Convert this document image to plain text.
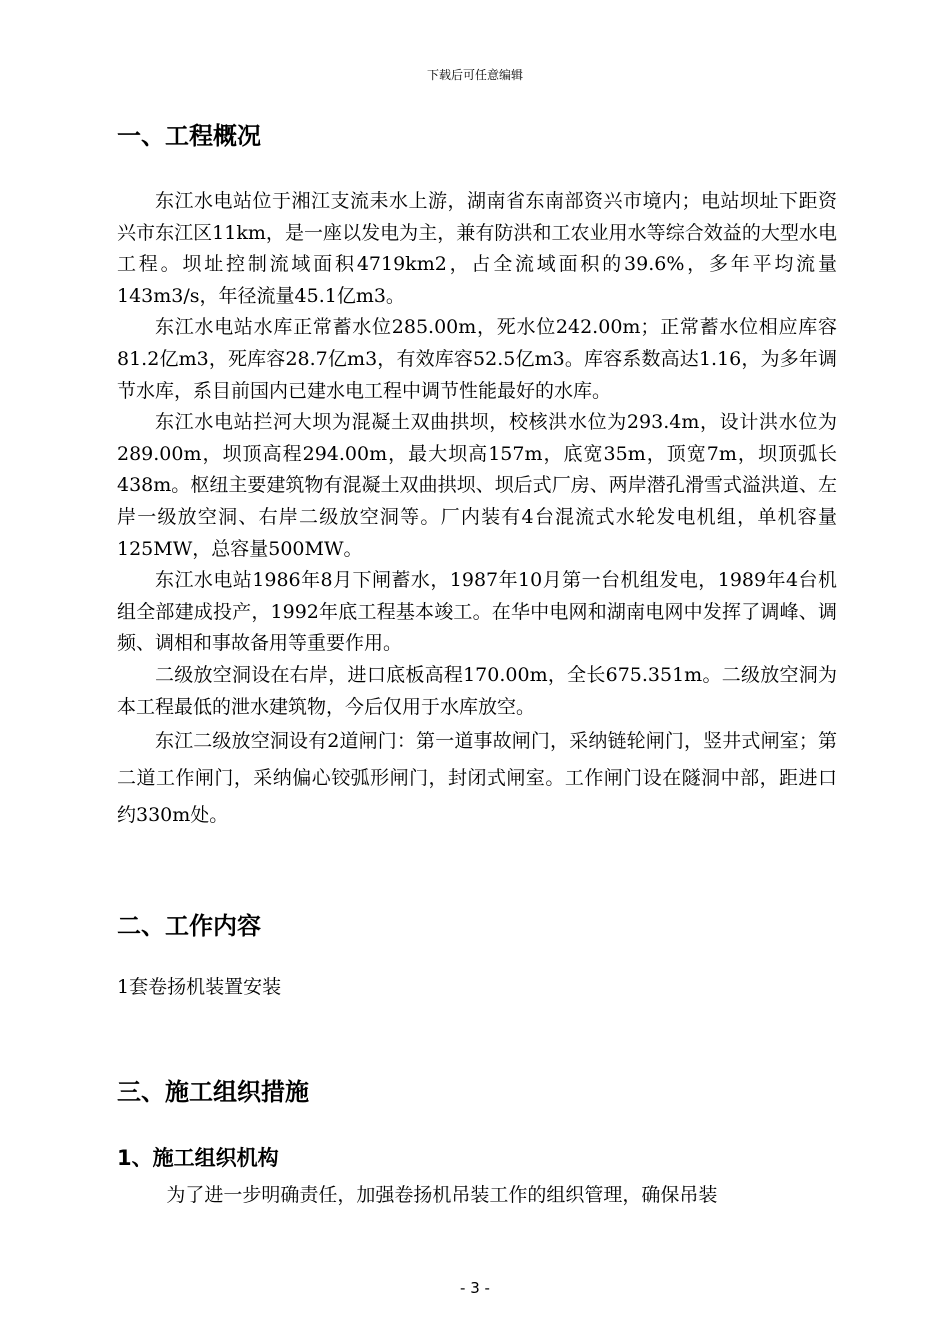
下载后可任意编辑
一、工程概况

东江水电站位于湘江支流耒水上游，湖南省东南部资兴市境内；电站坝址下距资兴市东江区11km，是一座以发电为主，兼有防洪和工农业用水等综合效益的大型水电工程。坝址控制流域面积4719km2，占全流域面积的39.6%，多年平均流量143m3/s，年径流量45.1亿m3。

东江水电站水库正常蓄水位285.00m，死水位242.00m；正常蓄水位相应库容81.2亿m3，死库容28.7亿m3，有效库容52.5亿m3。库容系数高达1.16，为多年调节水库，系目前国内已建水电工程中调节性能最好的水库。

东江水电站拦河大坝为混凝土双曲拱坝，校核洪水位为293.4m，设计洪水位为289.00m，坝顶高程294.00m，最大坝高157m，底宽35m，顶宽7m，坝顶弧长438m。枢纽主要建筑物有混凝土双曲拱坝、坝后式厂房、两岸潜孔滑雪式溢洪道、左岸一级放空洞、右岸二级放空洞等。厂内装有4台混流式水轮发电机组，单机容量125MW，总容量500MW。

东江水电站1986年8月下闸蓄水，1987年10月第一台机组发电，1989年4台机组全部建成投产，1992年底工程基本竣工。在华中电网和湖南电网中发挥了调峰、调频、调相和事故备用等重要作用。

二级放空洞设在右岸，进口底板高程170.00m，全长675.351m。二级放空洞为本工程最低的泄水建筑物，今后仅用于水库放空。

东江二级放空洞设有2道闸门：第一道事故闸门，采纳链轮闸门，竖井式闸室；第二道工作闸门，采纳偏心铰弧形闸门，封闭式闸室。工作闸门设在隧洞中部，距进口约330m处。

二、工作内容

1套卷扬机装置安装

三、施工组织措施
1、施工组织机构

为了进一步明确责任，加强卷扬机吊装工作的组织管理，确保吊装

- 3 -
